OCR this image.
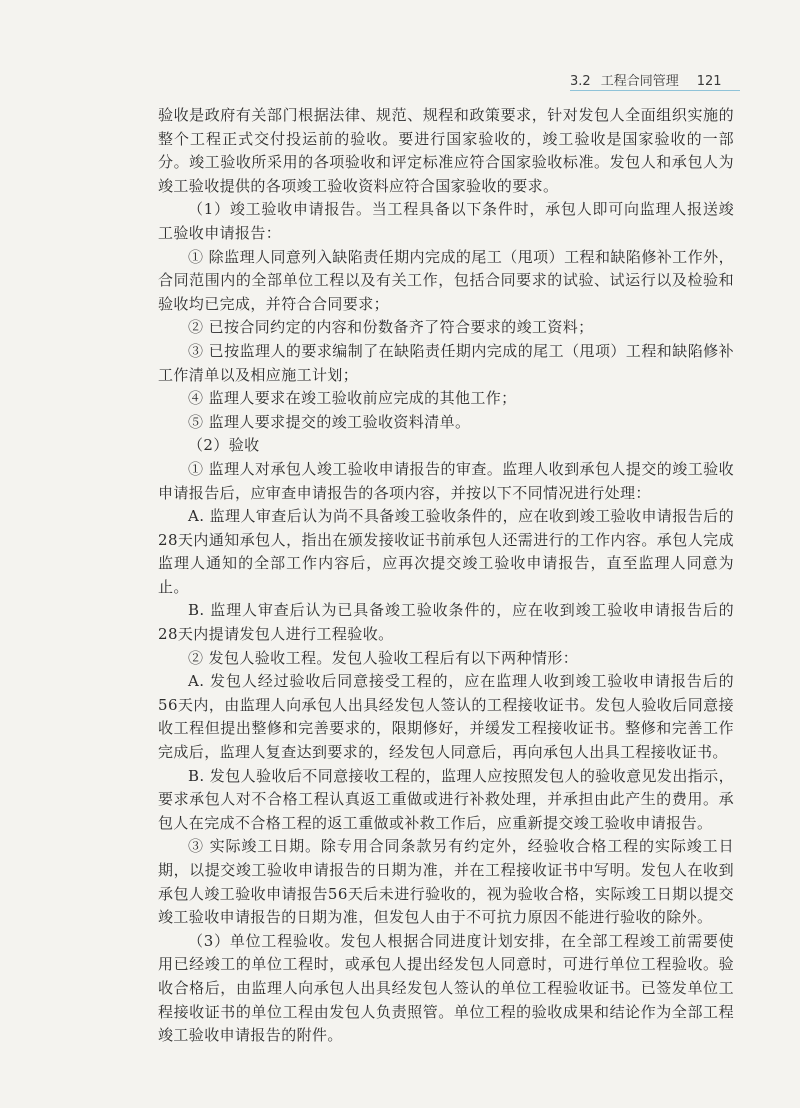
3.2 工程合同管理 121

验收是政府有关部门根据法律、规范、规程和政策要求，针对发包人全面组织实施的整个工程正式交付投运前的验收。要进行国家验收的，竣工验收是国家验收的一部分。竣工验收所采用的各项验收和评定标准应符合国家验收标准。发包人和承包人为竣工验收提供的各项竣工验收资料应符合国家验收的要求。

（1）竣工验收申请报告。当工程具备以下条件时，承包人即可向监理人报送竣工验收申请报告：

① 除监理人同意列入缺陷责任期内完成的尾工（甩项）工程和缺陷修补工作外，合同范围内的全部单位工程以及有关工作，包括合同要求的试验、试运行以及检验和验收均已完成，并符合合同要求；

② 已按合同约定的内容和份数备齐了符合要求的竣工资料；

③ 已按监理人的要求编制了在缺陷责任期内完成的尾工（甩项）工程和缺陷修补工作清单以及相应施工计划；

④ 监理人要求在竣工验收前应完成的其他工作；

⑤ 监理人要求提交的竣工验收资料清单。

（2）验收

① 监理人对承包人竣工验收申请报告的审查。监理人收到承包人提交的竣工验收申请报告后，应审查申请报告的各项内容，并按以下不同情况进行处理：

A. 监理人审查后认为尚不具备竣工验收条件的，应在收到竣工验收申请报告后的28天内通知承包人，指出在颁发接收证书前承包人还需进行的工作内容。承包人完成监理人通知的全部工作内容后，应再次提交竣工验收申请报告，直至监理人同意为止。

B. 监理人审查后认为已具备竣工验收条件的，应在收到竣工验收申请报告后的28天内提请发包人进行工程验收。

② 发包人验收工程。发包人验收工程后有以下两种情形：

A. 发包人经过验收后同意接受工程的，应在监理人收到竣工验收申请报告后的56天内，由监理人向承包人出具经发包人签认的工程接收证书。发包人验收后同意接收工程但提出整修和完善要求的，限期修好，并缓发工程接收证书。整修和完善工作完成后，监理人复查达到要求的，经发包人同意后，再向承包人出具工程接收证书。

B. 发包人验收后不同意接收工程的，监理人应按照发包人的验收意见发出指示，要求承包人对不合格工程认真返工重做或进行补救处理，并承担由此产生的费用。承包人在完成不合格工程的返工重做或补救工作后，应重新提交竣工验收申请报告。

③ 实际竣工日期。除专用合同条款另有约定外，经验收合格工程的实际竣工日期，以提交竣工验收申请报告的日期为准，并在工程接收证书中写明。发包人在收到承包人竣工验收申请报告56天后未进行验收的，视为验收合格，实际竣工日期以提交竣工验收申请报告的日期为准，但发包人由于不可抗力原因不能进行验收的除外。

（3）单位工程验收。发包人根据合同进度计划安排，在全部工程竣工前需要使用已经竣工的单位工程时，或承包人提出经发包人同意时，可进行单位工程验收。验收合格后，由监理人向承包人出具经发包人签认的单位工程验收证书。已签发单位工程接收证书的单位工程由发包人负责照管。单位工程的验收成果和结论作为全部工程竣工验收申请报告的附件。
